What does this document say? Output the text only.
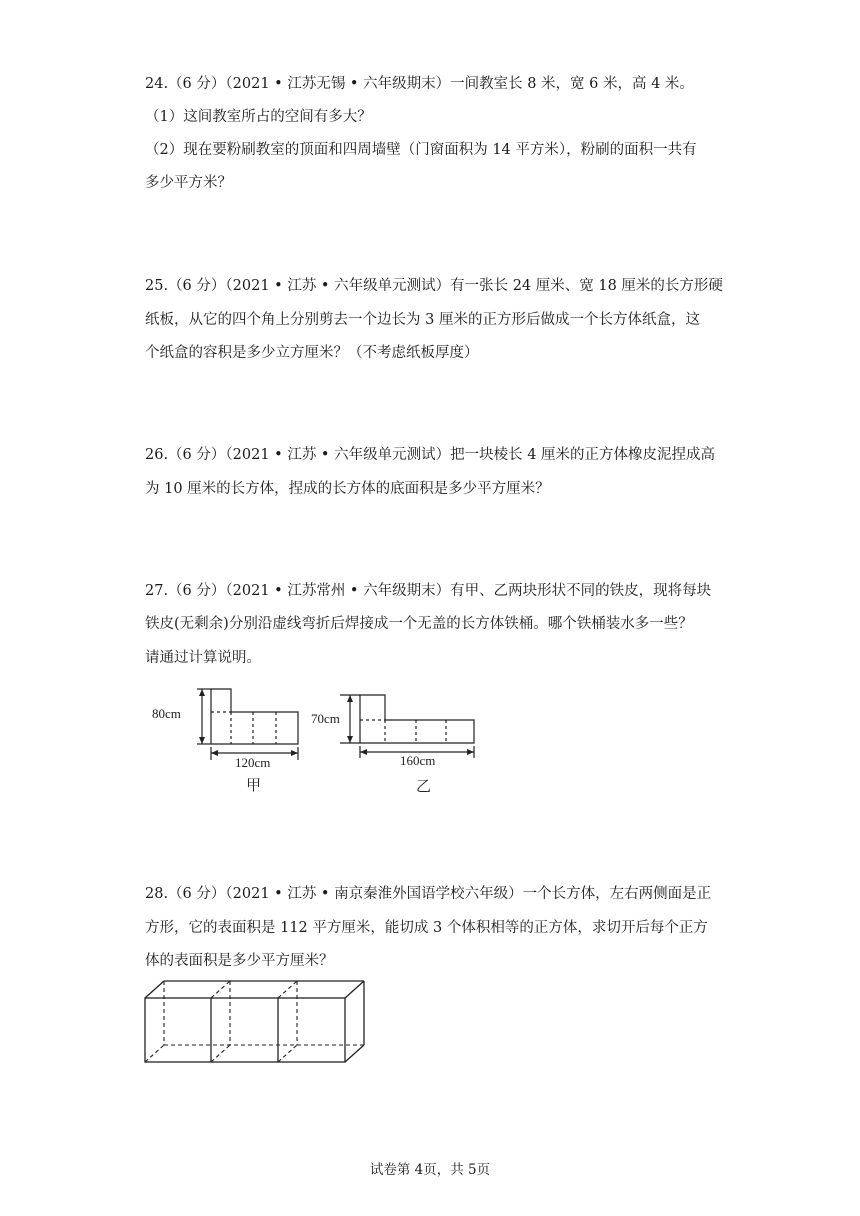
24.（6 分）（2021 • 江苏无锡 • 六年级期末）一间教室长 8 米，宽 6 米，高 4 米。
（1）这间教室所占的空间有多大？
（2）现在要粉刷教室的顶面和四周墙壁（门窗面积为 14 平方米），粉刷的面积一共有
多少平方米？
25.（6 分）（2021 • 江苏 • 六年级单元测试）有一张长 24 厘米、宽 18 厘米的长方形硬
纸板，从它的四个角上分别剪去一个边长为 3 厘米的正方形后做成一个长方体纸盒，这
个纸盒的容积是多少立方厘米？（不考虑纸板厚度）
26.（6 分）（2021 • 江苏 • 六年级单元测试）把一块棱长 4 厘米的正方体橡皮泥捏成高
为 10 厘米的长方体，捏成的长方体的底面积是多少平方厘米？
27.（6 分）（2021 • 江苏常州 • 六年级期末）有甲、乙两块形状不同的铁皮，现将每块
铁皮(无剩余)分别沿虚线弯折后焊接成一个无盖的长方体铁桶。哪个铁桶装水多一些？
请通过计算说明。
80cm
120cm
甲
70cm
160cm
乙
28.（6 分）（2021 • 江苏 • 南京秦淮外国语学校六年级）一个长方体，左右两侧面是正
方形，它的表面积是 112 平方厘米，能切成 3 个体积相等的正方体，求切开后每个正方
体的表面积是多少平方厘米？
试卷第 4页，共 5页
